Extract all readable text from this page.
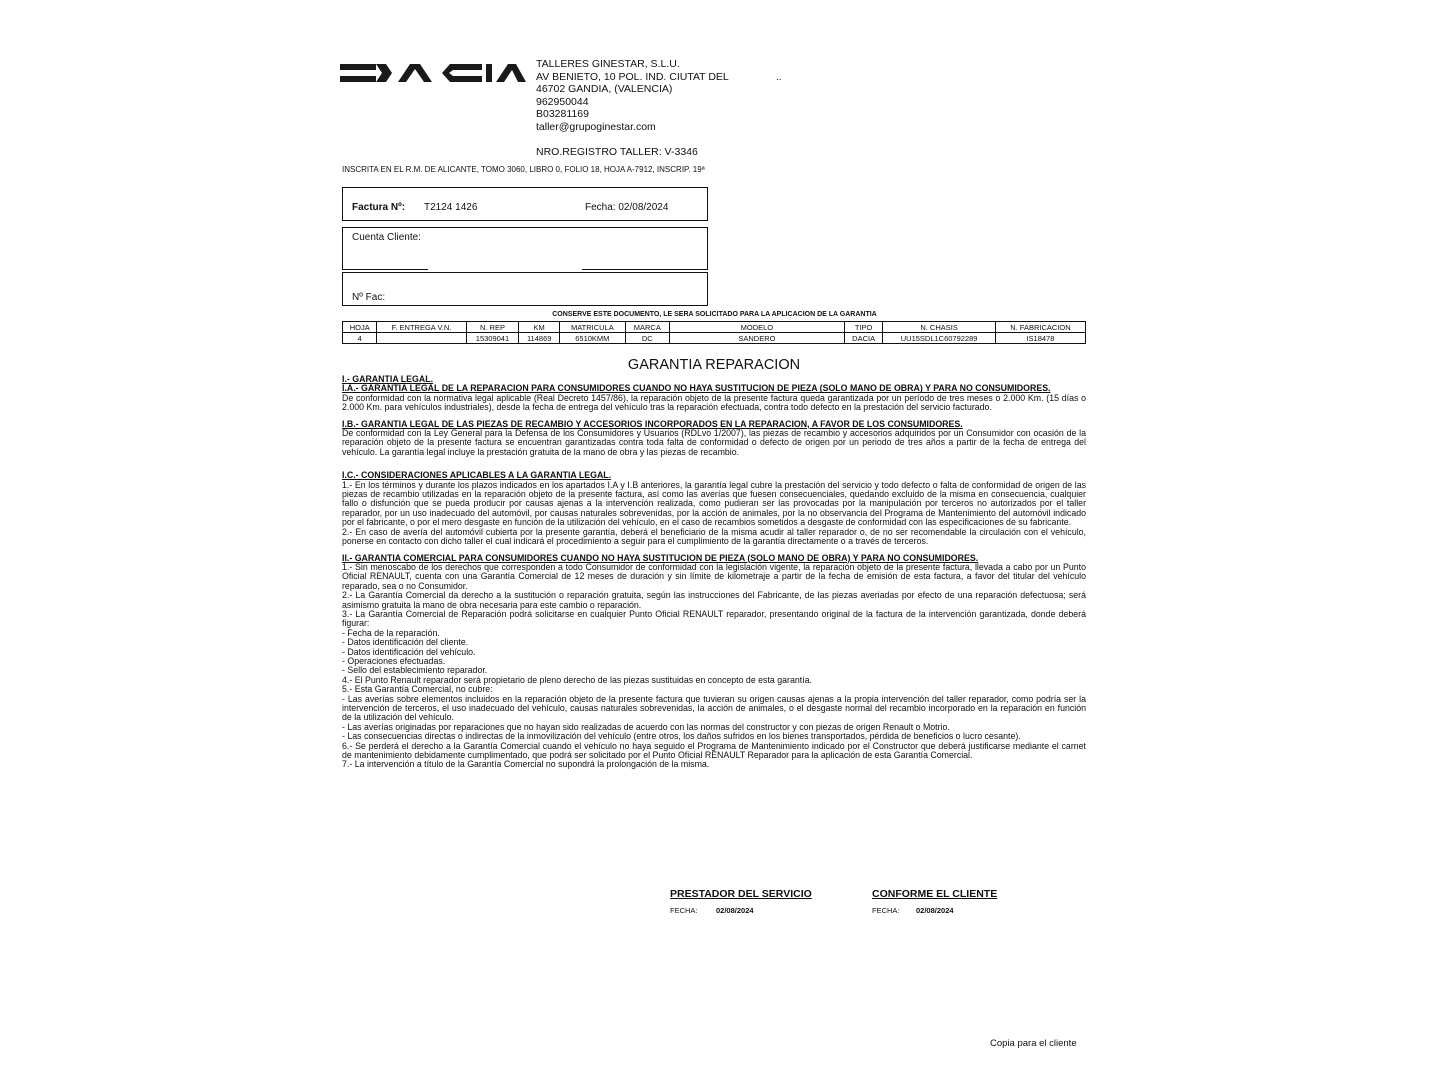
TALLERES GINESTAR, S.L.U.
AV BENIETO, 10 POL. IND. CIUTAT DEL
46702 GANDIA, (VALENCIA)
962950044
B03281169
taller@grupoginestar.com
NRO.REGISTRO TALLER: V-3346
..
INSCRITA EN EL R.M. DE ALICANTE, TOMO 3060, LIBRO 0, FOLIO 18, HOJA A-7912, INSCRIP. 19ª
Factura Nº: T2124 1426	Fecha: 02/08/2024
Cuenta Cliente:
Nº Fac:
CONSERVE ESTE DOCUMENTO, LE SERA SOLICITADO PARA LA APLICACION DE LA GARANTIA
HOJA	F. ENTREGA V.N.	N. REP	KM	MATRICULA	MARCA	MODELO	TIPO	N. CHASIS	N. FABRICACION
4		15309041	114869	6510KMM	DC	SANDERO	DACIA	UU15SDL1C60792289	IS18478
GARANTIA REPARACION

I.- GARANTIA LEGAL.

I.A.- GARANTIA LEGAL DE LA REPARACION PARA CONSUMIDORES CUANDO NO HAYA SUSTITUCION DE PIEZA (SOLO MANO DE OBRA) Y PARA NO CONSUMIDORES.

De conformidad con la normativa legal aplicable (Real Decreto 1457/86), la reparación objeto de la presente factura queda garantizada por un período de tres meses o 2.000 Km. (15 días o 2.000 Km. para vehículos industriales), desde la fecha de entrega del vehículo tras la reparación efectuada, contra todo defecto en la prestación del servicio facturado.

I.B.- GARANTIA LEGAL DE LAS PIEZAS DE RECAMBIO Y ACCESORIOS INCORPORADOS EN LA REPARACION, A FAVOR DE LOS CONSUMIDORES.

De conformidad con la Ley General para la Defensa de los Consumidores y Usuarios (RDLvo 1/2007), las piezas de recambio y accesorios adquiridos por un Consumidor con ocasión de la reparación objeto de la presente factura se encuentran garantizadas contra toda falta de conformidad o defecto de origen por un periodo de tres años a partir de la fecha de entrega del vehículo. La garantía legal incluye la prestación gratuita de la mano de obra y las piezas de recambio.

I.C.- CONSIDERACIONES APLICABLES A LA GARANTIA LEGAL.

1.- En los términos y durante los plazos indicados en los apartados I.A y I.B anteriores, la garantía legal cubre la prestación del servicio y todo defecto o falta de conformidad de origen de las piezas de recambio utilizadas en la reparación objeto de la presente factura, así como las averías que fuesen consecuenciales, quedando excluido de la misma en consecuencia, cualquier fallo o disfunción que se pueda producir por causas ajenas a la intervención realizada, como pudieran ser las provocadas por la manipulación por terceros no autorizados por el taller reparador, por un uso inadecuado del automóvil, por causas naturales sobrevenidas, por la acción de animales, por la no observancia del Programa de Mantenimiento del automóvil indicado por el fabricante, o por el mero desgaste en función de la utilización del vehículo, en el caso de recambios sometidos a desgaste de conformidad con las especificaciones de su fabricante.

2.- En caso de avería del automóvil cubierta por la presente garantía, deberá el beneficiario de la misma acudir al taller reparador o, de no ser recomendable la circulación con el vehículo, ponerse en contacto con dicho taller el cual indicará el procedimiento a seguir para el cumplimiento de la garantía directamente o a través de terceros.

II.- GARANTIA COMERCIAL PARA CONSUMIDORES CUANDO NO HAYA SUSTITUCION DE PIEZA (SOLO MANO DE OBRA) Y PARA NO CONSUMIDORES.

1.- Sin menoscabo de los derechos que corresponden a todo Consumidor de conformidad con la legislación vigente, la reparación objeto de la presente factura, llevada a cabo por un Punto Oficial RENAULT, cuenta con una Garantía Comercial de 12 meses de duración y sin límite de kilometraje a partir de la fecha de emisión de esta factura, a favor del titular del vehículo reparado, sea o no Consumidor.

2.- La Garantía Comercial da derecho a la sustitución o reparación gratuita, según las instrucciones del Fabricante, de las piezas averiadas por efecto de una reparación defectuosa; será asimismo gratuita la mano de obra necesaria para este cambio o reparación.

3.- La Garantía Comercial de Reparación podrá solicitarse en cualquier Punto Oficial RENAULT reparador, presentando original de la factura de la intervención garantizada, donde deberá figurar:

- Fecha de la reparación.

- Datos identificación del cliente.

- Datos identificación del vehículo.

- Operaciones efectuadas.

- Sello del establecimiento reparador.

4.- El Punto Renault reparador será propietario de pleno derecho de las piezas sustituidas en concepto de esta garantía.

5.- Esta Garantía Comercial, no cubre:

- Las averías sobre elementos incluidos en la reparación objeto de la presente factura que tuvieran su origen causas ajenas a la propia intervención del taller reparador, como podría ser la intervención de terceros, el uso inadecuado del vehículo, causas naturales sobrevenidas, la acción de animales, o el desgaste normal del recambio incorporado en la reparación en función de la utilización del vehículo.

- Las averías originadas por reparaciones que no hayan sido realizadas de acuerdo con las normas del constructor y con piezas de origen Renault o Motrio.

- Las consecuencias directas o indirectas de la inmovilización del vehículo (entre otros, los daños sufridos en los bienes transportados, pérdida de beneficios o lucro cesante).

6.- Se perderá el derecho a la Garantía Comercial cuando el vehículo no haya seguido el Programa de Mantenimiento indicado por el Constructor que deberá justificarse mediante el carnet de mantenimiento debidamente cumplimentado, que podrá ser solicitado por el Punto Oficial RENAULT Reparador para la aplicación de esta Garantía Comercial.

7.- La intervención a título de la Garantía Comercial no supondrá la prolongación de la misma.

PRESTADOR DEL SERVICIO	CONFORME EL CLIENTE
FECHA: 02/08/2024	FECHA: 02/08/2024
Copia para el cliente
